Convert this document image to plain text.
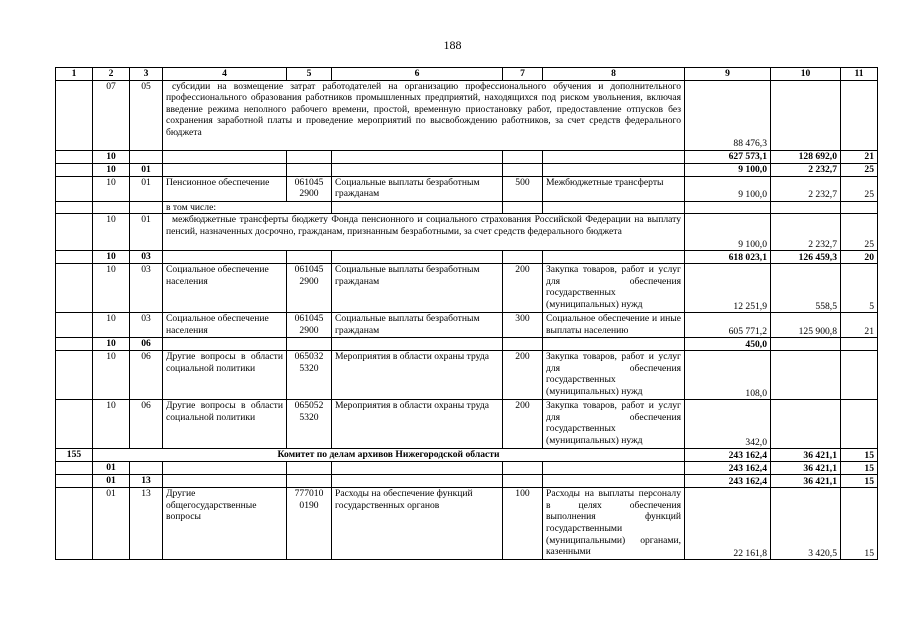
188
1	2	3	4	5	6	7	8	9	10	11
	07	05	субсидии на возмещение затрат работодателей на организацию профессионального обучения и дополнительного профессионального образования работников промышленных предприятий, находящихся под риском увольнения, включая введение режима неполного рабочего времени, простой, временную приостановку работ, предоставление отпусков без сохранения заработной платы и проведение мероприятий по высвобождению работников, за счет средств федерального бюджета					88 476,3		
	10							627 573,1	128 692,0	21
	10	01						9 100,0	2 232,7	25
	10	01	Пенсионное обеспечение	061045 2900	Социальные выплаты безработным гражданам	500	Межбюджетные трансферты	9 100,0	2 232,7	25
			в том числе:							
	10	01	межбюджетные трансферты бюджету Фонда пенсионного и социального страхования Российской Федерации на выплату пенсий, назначенных досрочно, гражданам, признанным безработными, за счет средств федерального бюджета					9 100,0	2 232,7	25
	10	03						618 023,1	126 459,3	20
	10	03	Социальное обеспечение населения	061045 2900	Социальные выплаты безработным гражданам	200	Закупка товаров, работ и услуг для обеспечения государственных (муниципальных) нужд	12 251,9	558,5	5
	10	03	Социальное обеспечение населения	061045 2900	Социальные выплаты безработным гражданам	300	Социальное обеспечение и иные выплаты населению	605 771,2	125 900,8	21
	10	06						450,0		
	10	06	Другие вопросы в области социальной политики	065032 5320	Мероприятия в области охраны труда	200	Закупка товаров, работ и услуг для обеспечения государственных (муниципальных) нужд	108,0		
	10	06	Другие вопросы в области социальной политики	065052 5320	Мероприятия в области охраны труда	200	Закупка товаров, работ и услуг для обеспечения государственных (муниципальных) нужд	342,0		
155	Комитет по делам архивов Нижегородской области							243 162,4	36 421,1	15
	01							243 162,4	36 421,1	15
	01	13						243 162,4	36 421,1	15
	01	13	Другие общегосударственные вопросы	777010 0190	Расходы на обеспечение функций государственных органов	100	Расходы на выплаты персоналу в целях обеспечения выполнения функций государственными (муниципальными) органами, казенными	22 161,8	3 420,5	15
